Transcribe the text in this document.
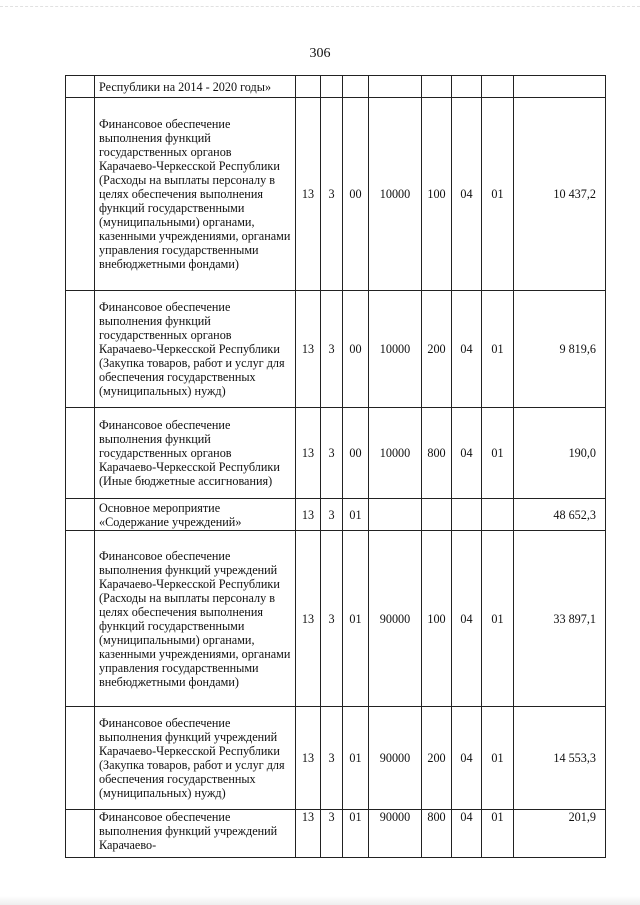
306
	Республики на 2014 - 2020 годы»								
	Финансовое обеспечение выполнения функций государственных органов Карачаево-Черкесской Республики (Расходы на выплаты персоналу в целях обеспечения выполнения функций государственными (муниципальными) органами, казенными учреждениями, органами управления государственными внебюджетными фондами)	13	3	00	10000	100	04	01	10 437,2
	Финансовое обеспечение выполнения функций государственных органов Карачаево-Черкесской Республики (Закупка товаров, работ и услуг для обеспечения государственных (муниципальных) нужд)	13	3	00	10000	200	04	01	9 819,6
	Финансовое обеспечение выполнения функций государственных органов Карачаево-Черкесской Республики (Иные бюджетные ассигнования)	13	3	00	10000	800	04	01	190,0
	Основное мероприятие «Содержание учреждений»	13	3	01					48 652,3
	Финансовое обеспечение выполнения функций учреждений Карачаево-Черкесской Республики (Расходы на выплаты персоналу в целях обеспечения выполнения функций государственными (муниципальными) органами, казенными учреждениями, органами управления государственными внебюджетными фондами)	13	3	01	90000	100	04	01	33 897,1
	Финансовое обеспечение выполнения функций учреждений Карачаево-Черкесской Республики (Закупка товаров, работ и услуг для обеспечения государственных (муниципальных) нужд)	13	3	01	90000	200	04	01	14 553,3
	Финансовое обеспечение выполнения функций учреждений Карачаево-	13	3	01	90000	800	04	01	201,9
